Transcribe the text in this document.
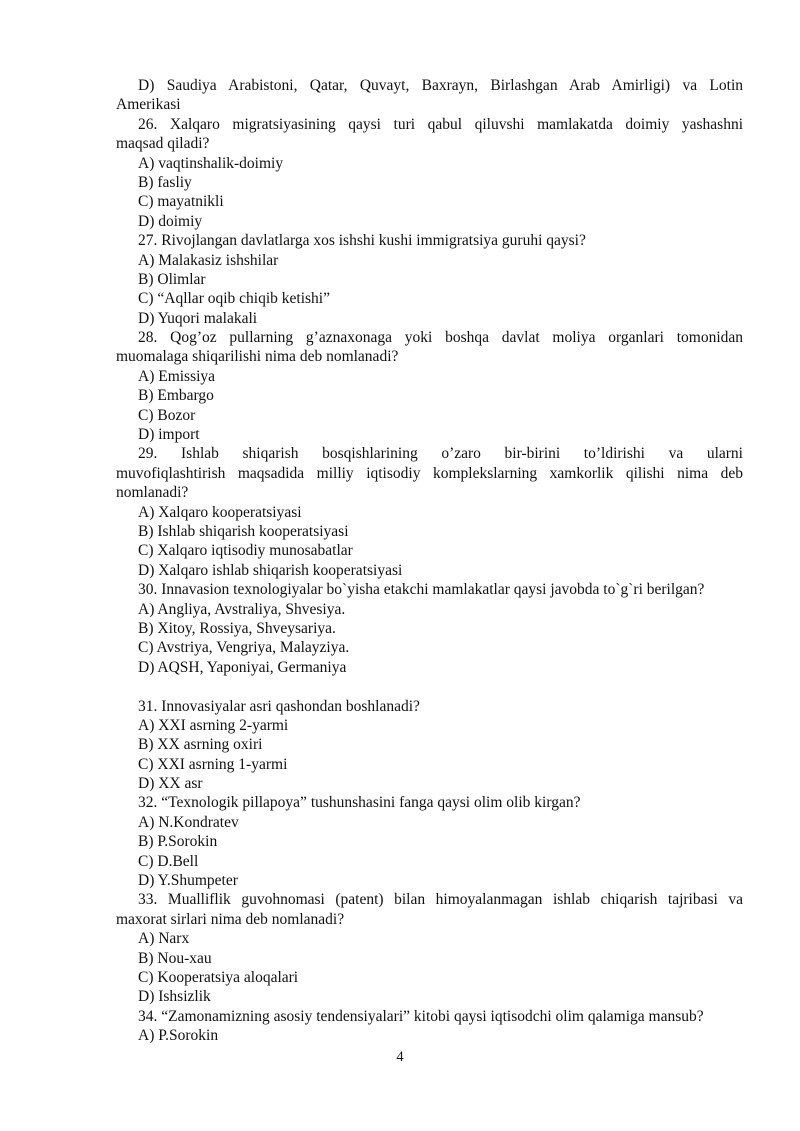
D) Saudiya Arabistoni, Qatar, Quvayt, Baxrayn, Birlashgan Arab Amirligi) va Lotin
Amerikasi
26. Xalqaro migratsiyasining qaysi turi qabul qiluvshi mamlakatda doimiy yashashni
maqsad qiladi?
A) vaqtinshalik-doimiy
B) fasliy
C) mayatnikli
D) doimiy
27. Rivojlangan davlatlarga xos ishshi kushi immigratsiya guruhi qaysi?
A) Malakasiz ishshilar
B) Olimlar
C) “Aqllar oqib chiqib ketishi”
D) Yuqori malakali
28. Qog’oz pullarning g’aznaxonaga yoki boshqa davlat moliya organlari tomonidan
muomalaga shiqarilishi nima deb nomlanadi?
A) Emissiya
B) Embargo
C) Bozor
D) import
29. Ishlab shiqarish bosqishlarining o’zaro bir-birini to’ldirishi va ularni
muvofiqlashtirish maqsadida milliy iqtisodiy komplekslarning xamkorlik qilishi nima deb
nomlanadi?
A) Xalqaro kooperatsiyasi
B) Ishlab shiqarish kooperatsiyasi
C) Xalqaro iqtisodiy munosabatlar
D) Xalqaro ishlab shiqarish kooperatsiyasi
30. Innavasion texnologiyalar bo`yisha etakchi mamlakatlar qaysi javobda to`g`ri berilgan?
A) Angliya, Avstraliya, Shvesiya.
B) Xitoy, Rossiya, Shveysariya.
C) Avstriya, Vengriya, Malayziya.
D) AQSH, Yaponiyai, Germaniya
31. Innovasiyalar asri qashondan boshlanadi?
A) XXI asrning 2-yarmi
B) XX asrning oxiri
C) XXI asrning 1-yarmi
D) XX asr
32. “Texnologik pillapoya” tushunshasini fanga qaysi olim olib kirgan?
A) N.Kondratev
B) P.Sorokin
C) D.Bell
D) Y.Shumpeter
33. Mualliflik guvohnomasi (patent) bilan himoyalanmagan ishlab chiqarish tajribasi va
maxorat sirlari nima deb nomlanadi?
A) Narx
B) Nou-xau
C) Kooperatsiya aloqalari
D) Ishsizlik
34. “Zamonamizning asosiy tendensiyalari” kitobi qaysi iqtisodchi olim qalamiga mansub?
A) P.Sorokin
4
